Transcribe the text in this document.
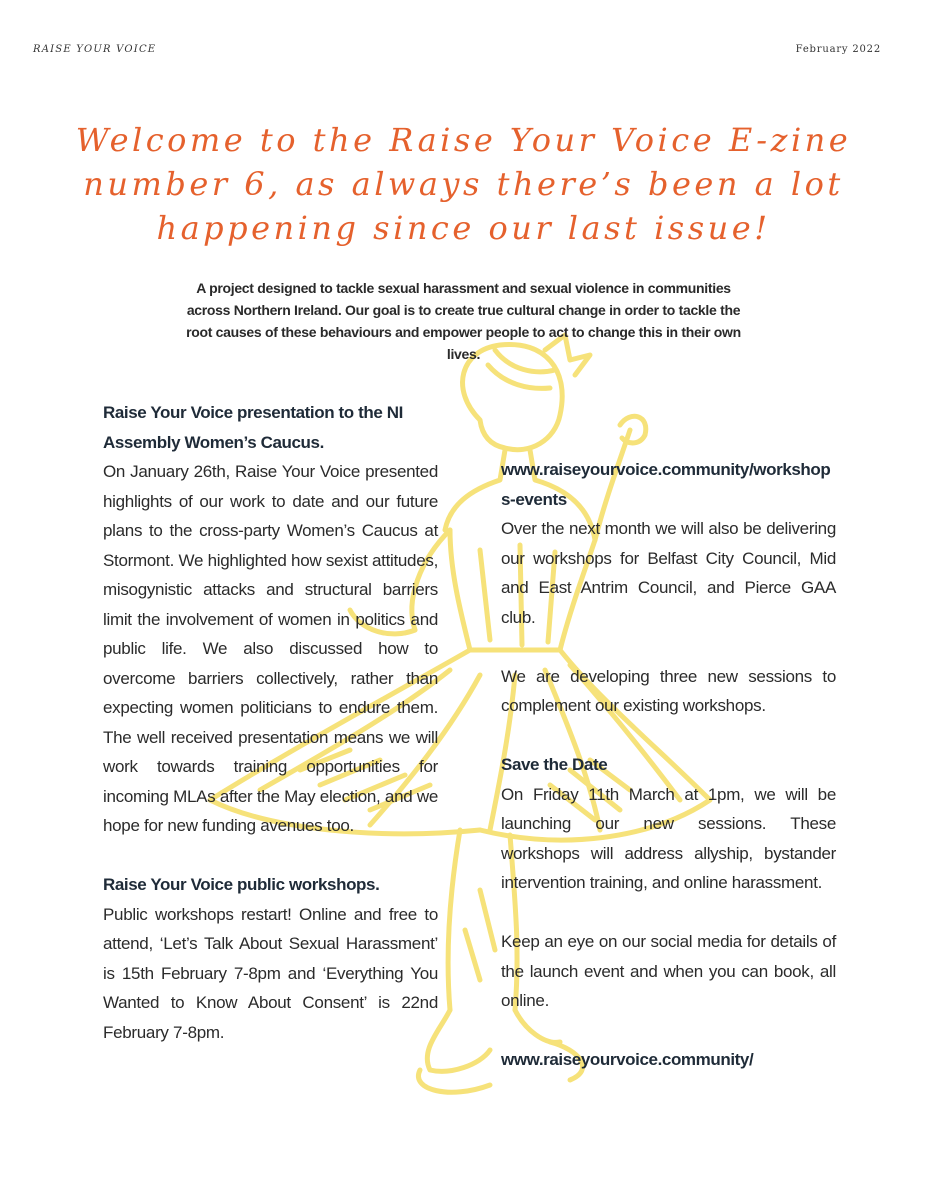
RAISE YOUR VOICE	February 2022
Welcome to the Raise Your Voice E-zine number 6, as always there’s been a lot happening since our last issue!

A project designed to tackle sexual harassment and sexual violence in communities across Northern Ireland. Our goal is to create true cultural change in order to tackle the root causes of these behaviours and empower people to act to change this in their own lives.

Raise Your Voice presentation to the NI Assembly Women’s Caucus.

On January 26th, Raise Your Voice presented highlights of our work to date and our future plans to the cross-party Women’s Caucus at Stormont. We highlighted how sexist attitudes, misogynistic attacks and structural barriers limit the involvement of women in politics and public life. We also discussed how to overcome barriers collectively, rather than expecting women politicians to endure them. The well received presentation means we will work towards training opportunities for incoming MLAs after the May election, and we hope for new funding avenues too.

Raise Your Voice public workshops.

Public workshops restart! Online and free to attend, ‘Let’s Talk About Sexual Harassment’ is 15th February 7-8pm and ‘Everything You Wanted to Know About Consent’ is 22nd February 7-8pm.

www.raiseyourvoice.community/workshops-events

Over the next month we will also be delivering our workshops for Belfast City Council, Mid and East Antrim Council, and Pierce GAA club.

We are developing three new sessions to complement our existing workshops.

Save the Date

On Friday 11th March at 1pm, we will be launching our new sessions. These workshops will address allyship, bystander intervention training, and online harassment.

Keep an eye on our social media for details of the launch event and when you can book, all online.

www.raiseyourvoice.community/
